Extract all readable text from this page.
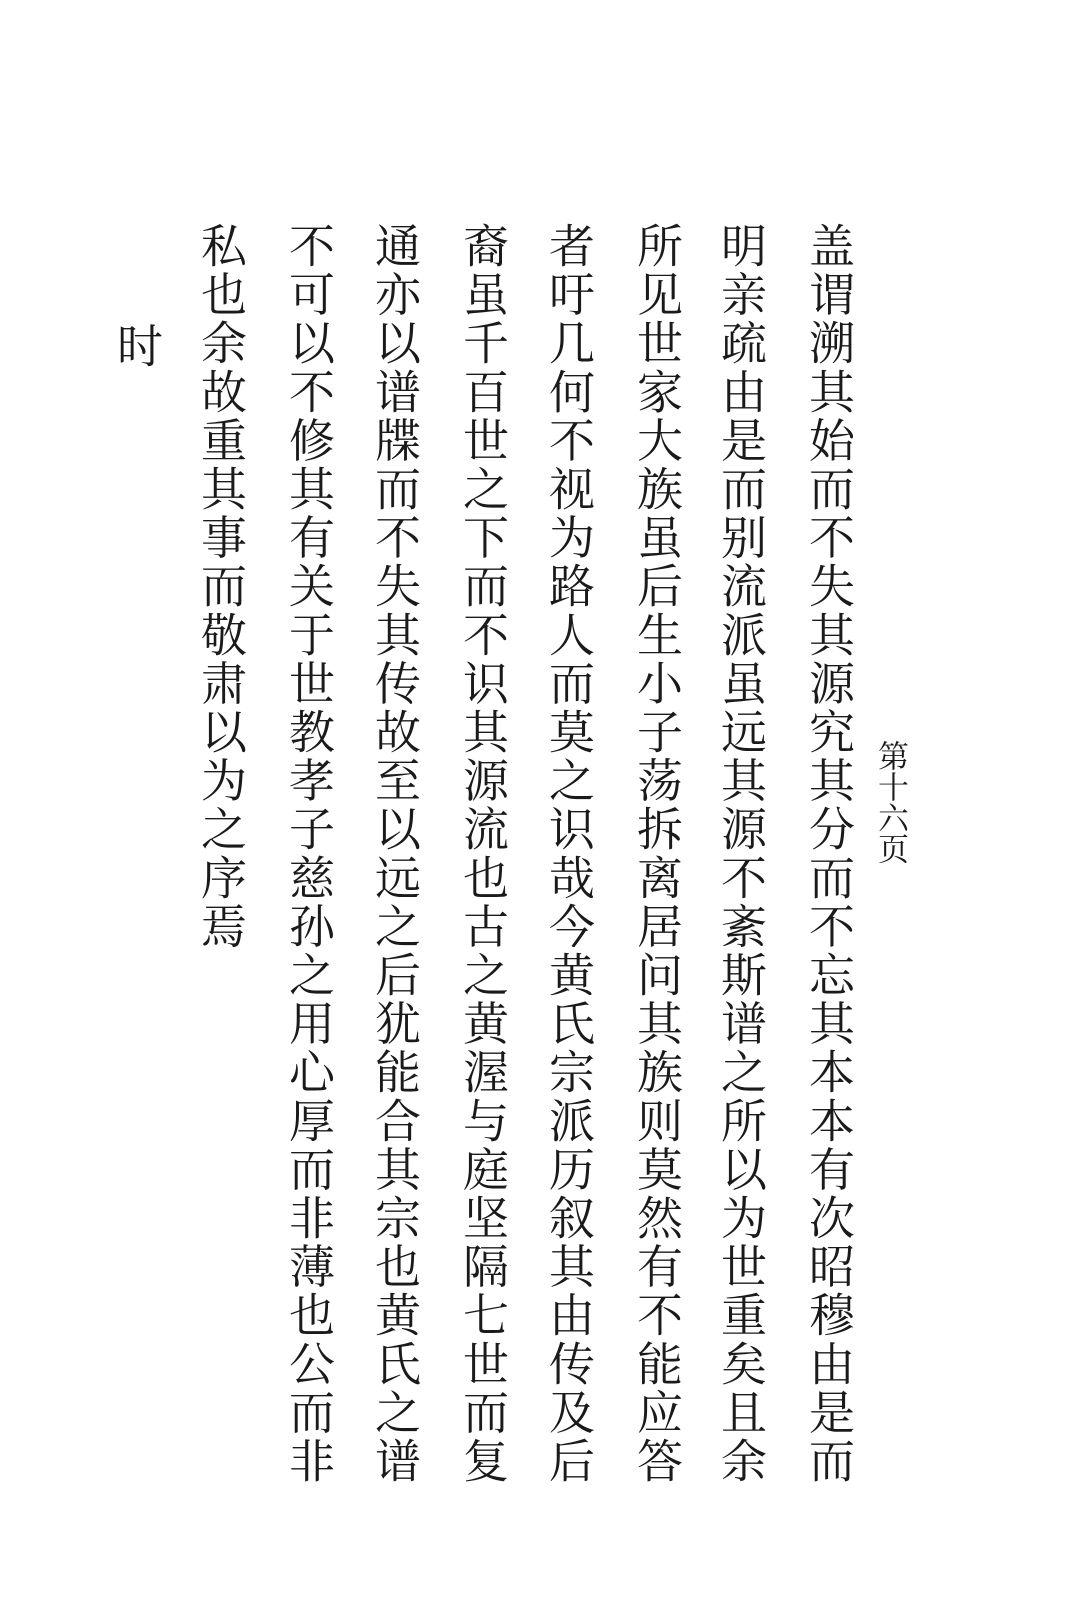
第十六页
盖谓溯其始而不失其源究其分而不忘其本本有次昭穆由是而
明亲疏由是而别流派虽远其源不紊斯谱之所以为世重矣且余
所见世家大族虽后生小子荡拆离居问其族则莫然有不能应答
者吁几何不视为路人而莫之识哉今黄氏宗派历叙其由传及后
裔虽千百世之下而不识其源流也古之黄渥与庭坚隔七世而复
通亦以谱牒而不失其传故至以远之后犹能合其宗也黄氏之谱
不可以不修其有关于世教孝子慈孙之用心厚而非薄也公而非
私也余故重其事而敬肃以为之序焉
时
